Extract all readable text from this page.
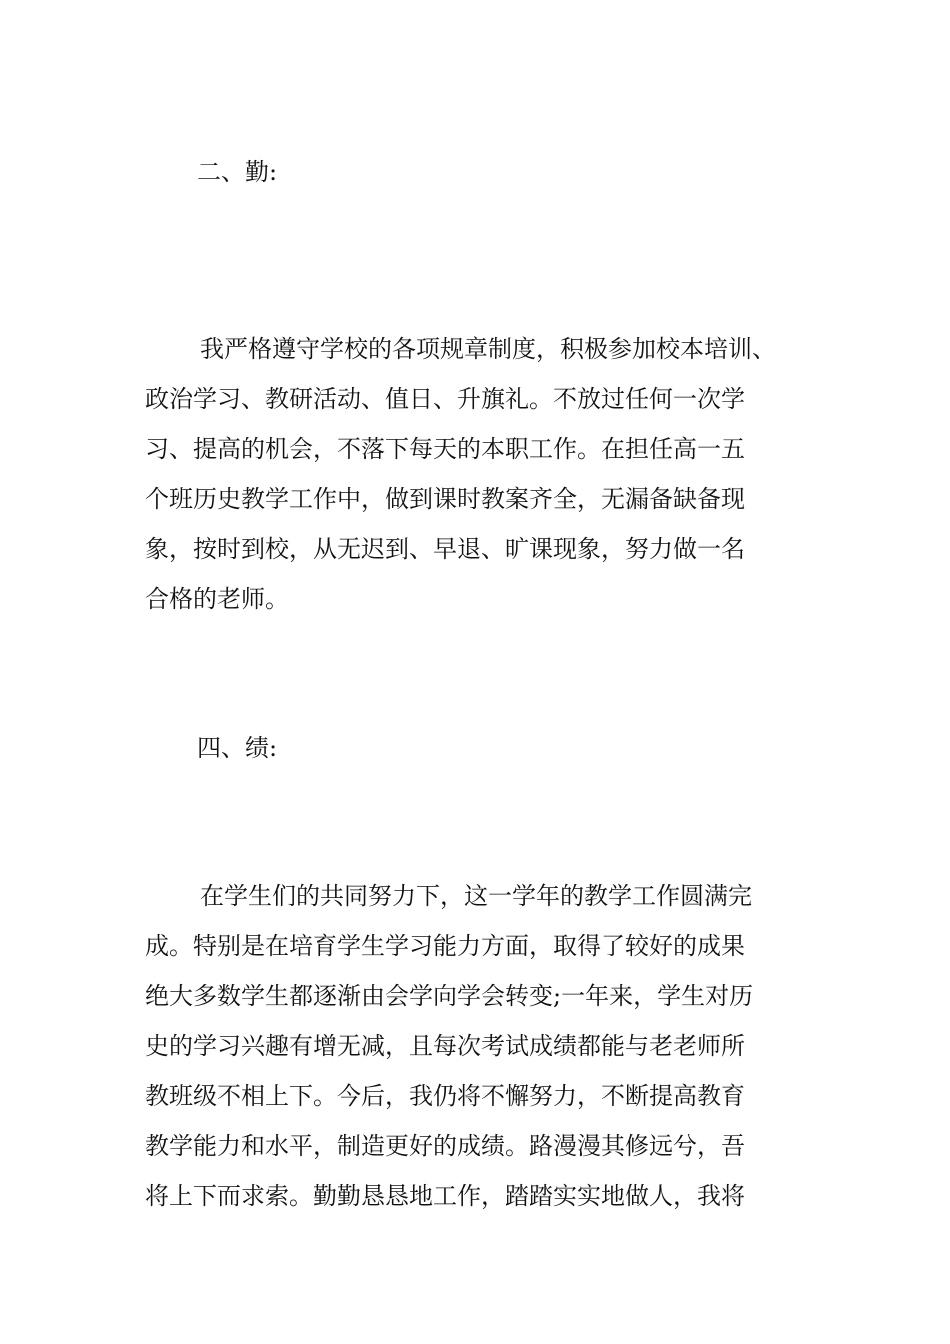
二、勤:
我严格遵守学校的各项规章制度，积极参加校本培训、
政治学习、教研活动、值日、升旗礼。不放过任何一次学
习、提高的机会，不落下每天的本职工作。在担任高一五
个班历史教学工作中，做到课时教案齐全，无漏备缺备现
象，按时到校，从无迟到、早退、旷课现象，努力做一名
合格的老师。
四、绩:
在学生们的共同努力下，这一学年的教学工作圆满完
成。特别是在培育学生学习能力方面，取得了较好的成果
绝大多数学生都逐渐由会学向学会转变;一年来，学生对历
史的学习兴趣有增无减，且每次考试成绩都能与老老师所
教班级不相上下。今后，我仍将不懈努力，不断提高教育
教学能力和水平，制造更好的成绩。路漫漫其修远兮，吾
将上下而求索。勤勤恳恳地工作，踏踏实实地做人，我将
